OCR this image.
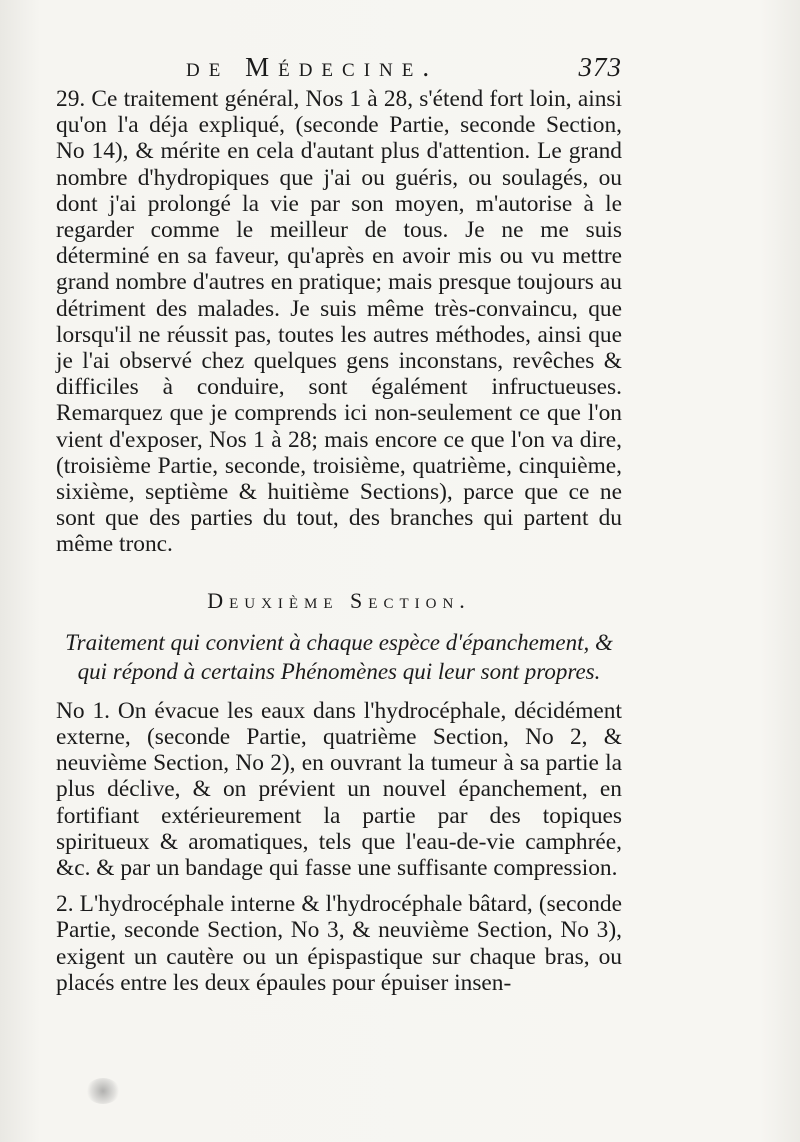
de Médecine.	373

29. Ce traitement général, Nos 1 à 28, s'étend fort loin, ainsi qu'on l'a déja expliqué, (seconde Partie, seconde Section, No 14), & mérite en cela d'autant plus d'attention. Le grand nombre d'hydropiques que j'ai ou guéris, ou soulagés, ou dont j'ai prolongé la vie par son moyen, m'autorise à le regarder comme le meilleur de tous. Je ne me suis déterminé en sa faveur, qu'après en avoir mis ou vu mettre grand nombre d'autres en pratique; mais presque toujours au détriment des malades. Je suis même très-convaincu, que lorsqu'il ne réussit pas, toutes les autres méthodes, ainsi que je l'ai observé chez quelques gens inconstans, revêches & difficiles à conduire, sont égalément infructueuses. Remarquez que je comprends ici non-seulement ce que l'on vient d'exposer, Nos 1 à 28; mais encore ce que l'on va dire, (troisième Partie, seconde, troisième, quatrième, cinquième, sixième, septième & huitième Sections), parce que ce ne sont que des parties du tout, des branches qui partent du même tronc.

Deuxième Section.
Traitement qui convient à chaque espèce d'épanchement, & qui répond à certains Phénomènes qui leur sont propres.

No 1. On évacue les eaux dans l'hydrocéphale, décidément externe, (seconde Partie, quatrième Section, No 2, & neuvième Section, No 2), en ouvrant la tumeur à sa partie la plus déclive, & on prévient un nouvel épanchement, en fortifiant extérieurement la partie par des topiques spiritueux & aromatiques, tels que l'eau-de-vie camphrée, &c. & par un bandage qui fasse une suffisante compression.

2. L'hydrocéphale interne & l'hydrocéphale bâtard, (seconde Partie, seconde Section, No 3, & neuvième Section, No 3), exigent un cautère ou un épispastique sur chaque bras, ou placés entre les deux épaules pour épuiser insen-
